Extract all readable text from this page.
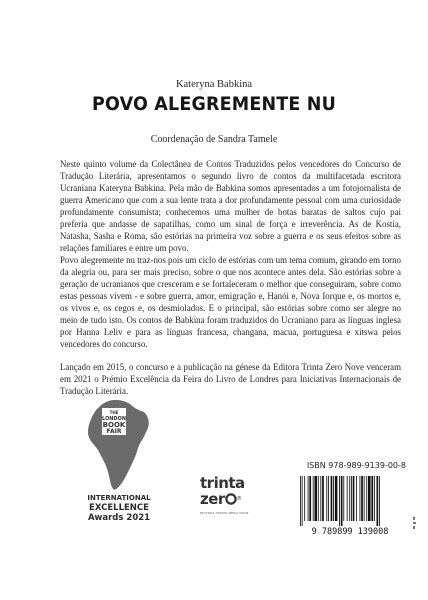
Kateryna Babkina
POVO ALEGREMENTE NU
Coordenação de Sandra Tamele

Neste quinto volume da Colectânea de Contos Traduzidos pelos vencedores do Concurso de Tradução Literária, apresentamos o segundo livro de contos da multifacetada escritora Ucraniana Kateryna Babkina. Pela mão de Babkina somos apresentados a um fotojornalista de guerra Americano que com a sua lente trata a dor profundamente pessoal com uma curiosidade profundamente consumista; conhecemos uma mulher de botas baratas de saltos cujo pai preferia que andasse de sapatilhas, como um sinal de força e irreverência. As de Kostia, Natasha, Sasha e Roma, são estórias na primeira voz sobre a guerra e os seus efeitos sobre as relações familiares e entre um povo.

Povo alegremente nu traz-nos pois um ciclo de estórias com um tema comum, girando em torno da alegria ou, para ser mais preciso, sobre o que nos acontece antes dela. São estórias sobre a geração de ucranianos que cresceram e se fortaleceram o melhor que conseguiram, sobre como estas pessoas vivem - e sobre guerra, amor, emigração e, Hanói e, Nova Iorque e, os mortos e, os vivos e, os cegos e, os desmiolados. E o principal, são estórias sobre como ser alegre no meio de tudo isto. Os contos de Babkina foram traduzidos do Ucraniano para as línguas inglesa por Hanna Leliv e para as línguas francesa, changana, macua, portuguesa e xitswa pelos vencedores do concurso.

Lançado em 2015, o concurso e a publicação na génese da Editora Trinta Zero Nove venceram em 2021 o Prémio Excelência da Feira do Livro de Londres para Iniciativas Internacionais de Tradução Literária.

THE
LONDON
BOOK
FAIR
INTERNATIONAL
EXCELLENCE
Awards 2021
trinta
zer ®
EDITORA TRINTA ZERO NOVE
ISBN 978-989-9139-00-8
9 789899 139008
